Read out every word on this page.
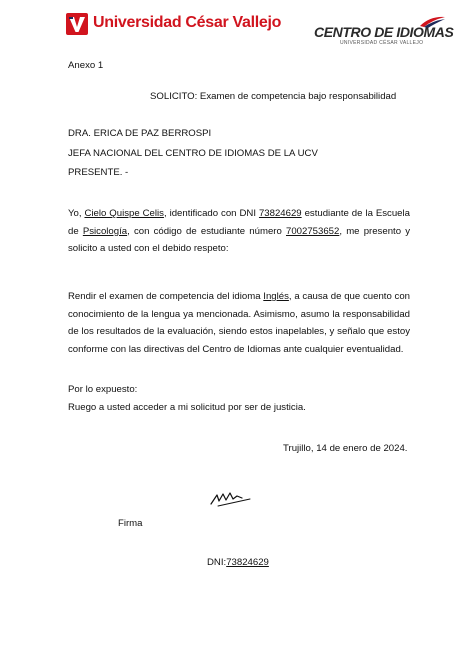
Universidad César Vallejo
CENTRO DE IDIOMAS
UNIVERSIDAD CÉSAR VALLEJO
Anexo 1
SOLICITO: Examen de competencia bajo responsabilidad
DRA. ERICA DE PAZ BERROSPI
JEFA NACIONAL DEL CENTRO DE IDIOMAS DE LA UCV
PRESENTE. -
Yo, Cielo Quispe Celis, identificado con DNI 73824629 estudiante de la Escuela de Psicología, con código de estudiante número 7002753652, me presento y solicito a usted con el debido respeto:
Rendir el examen de competencia del idioma Inglés, a causa de que cuento con conocimiento de la lengua ya mencionada. Asimismo, asumo la responsabilidad de los resultados de la evaluación, siendo estos inapelables, y señalo que estoy conforme con las directivas del Centro de Idiomas ante cualquier eventualidad.
Por lo expuesto:
Ruego a usted acceder a mi solicitud por ser de justicia.
Trujillo, 14 de enero de 2024.
Firma
DNI:73824629
